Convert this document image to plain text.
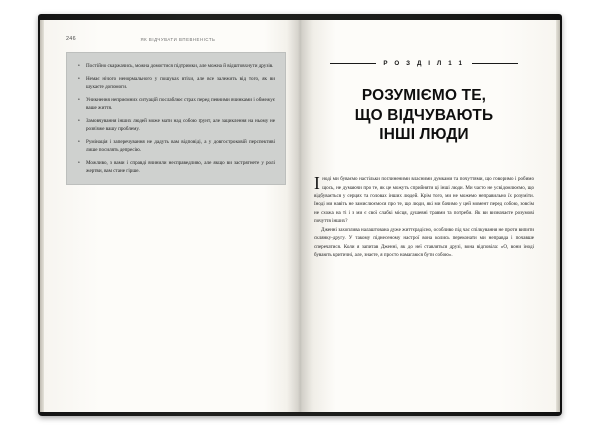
246	ЯК ВІДЧУВАТИ ВПЕВНЕНІСТЬ
• Постійно скаржачись, можна домогтися підтримки, але можна й відштовхнути друзів.
• Немає нічого ненормального у пошуках втіхи, але все залежить від того, як ви шукаєте допомоги.
• Уникнення неприємних ситуацій послаблює страх перед певними вчинками і обмежує ваше життя.
• Замовчування інших людей може мати над собою ґрунт, але зациклення на ньому не розв'яже вашу проблему.
• Румінація і заперечування не дадуть вам відповіді, а у довгостроковій перспективі лише посилять депресію.
• Можливо, з вами і справді вчинили несправедливо, але якщо ви застрягнете у ролі жертви, вам стане гірше.
Р О З Д І Л 1 1
РОЗУМІЄМО ТЕ,
ЩО ВІДЧУВАЮТЬ
ІНШІ ЛЮДИ

Іноді ми буваємо настільки поглиненими власними думками та почуттями, що говоримо і робимо щось, не думаючи про те, як це можуть сприйняти ці інші люди. Ми часто не усвідомлюємо, що відбувається у серцях та головах інших людей. Крім того, ми не можемо неправильно їх розуміти. Іноді ми навіть не замислюємося про те, що люди, які ми бачимо у цей момент перед собою, зовсім не схожа на ті і з ми є свої слабкі місця, душевні травми та потреби. Як ви визначаєте розумові почуття інших?

Дженні захоплива налаштована дуже життєрадісно, особливо під час спілкування не проти випити склянку-другу. У такому піднесеному настрої вона колись переконати ми неправда і почавше сперечатися. Коли я запитав Дженні, як до неї ставляться друзі, вона відповіла: «О, вони іноді бувають критичні, але, знаєте, я просто намагаюся бути собою».
